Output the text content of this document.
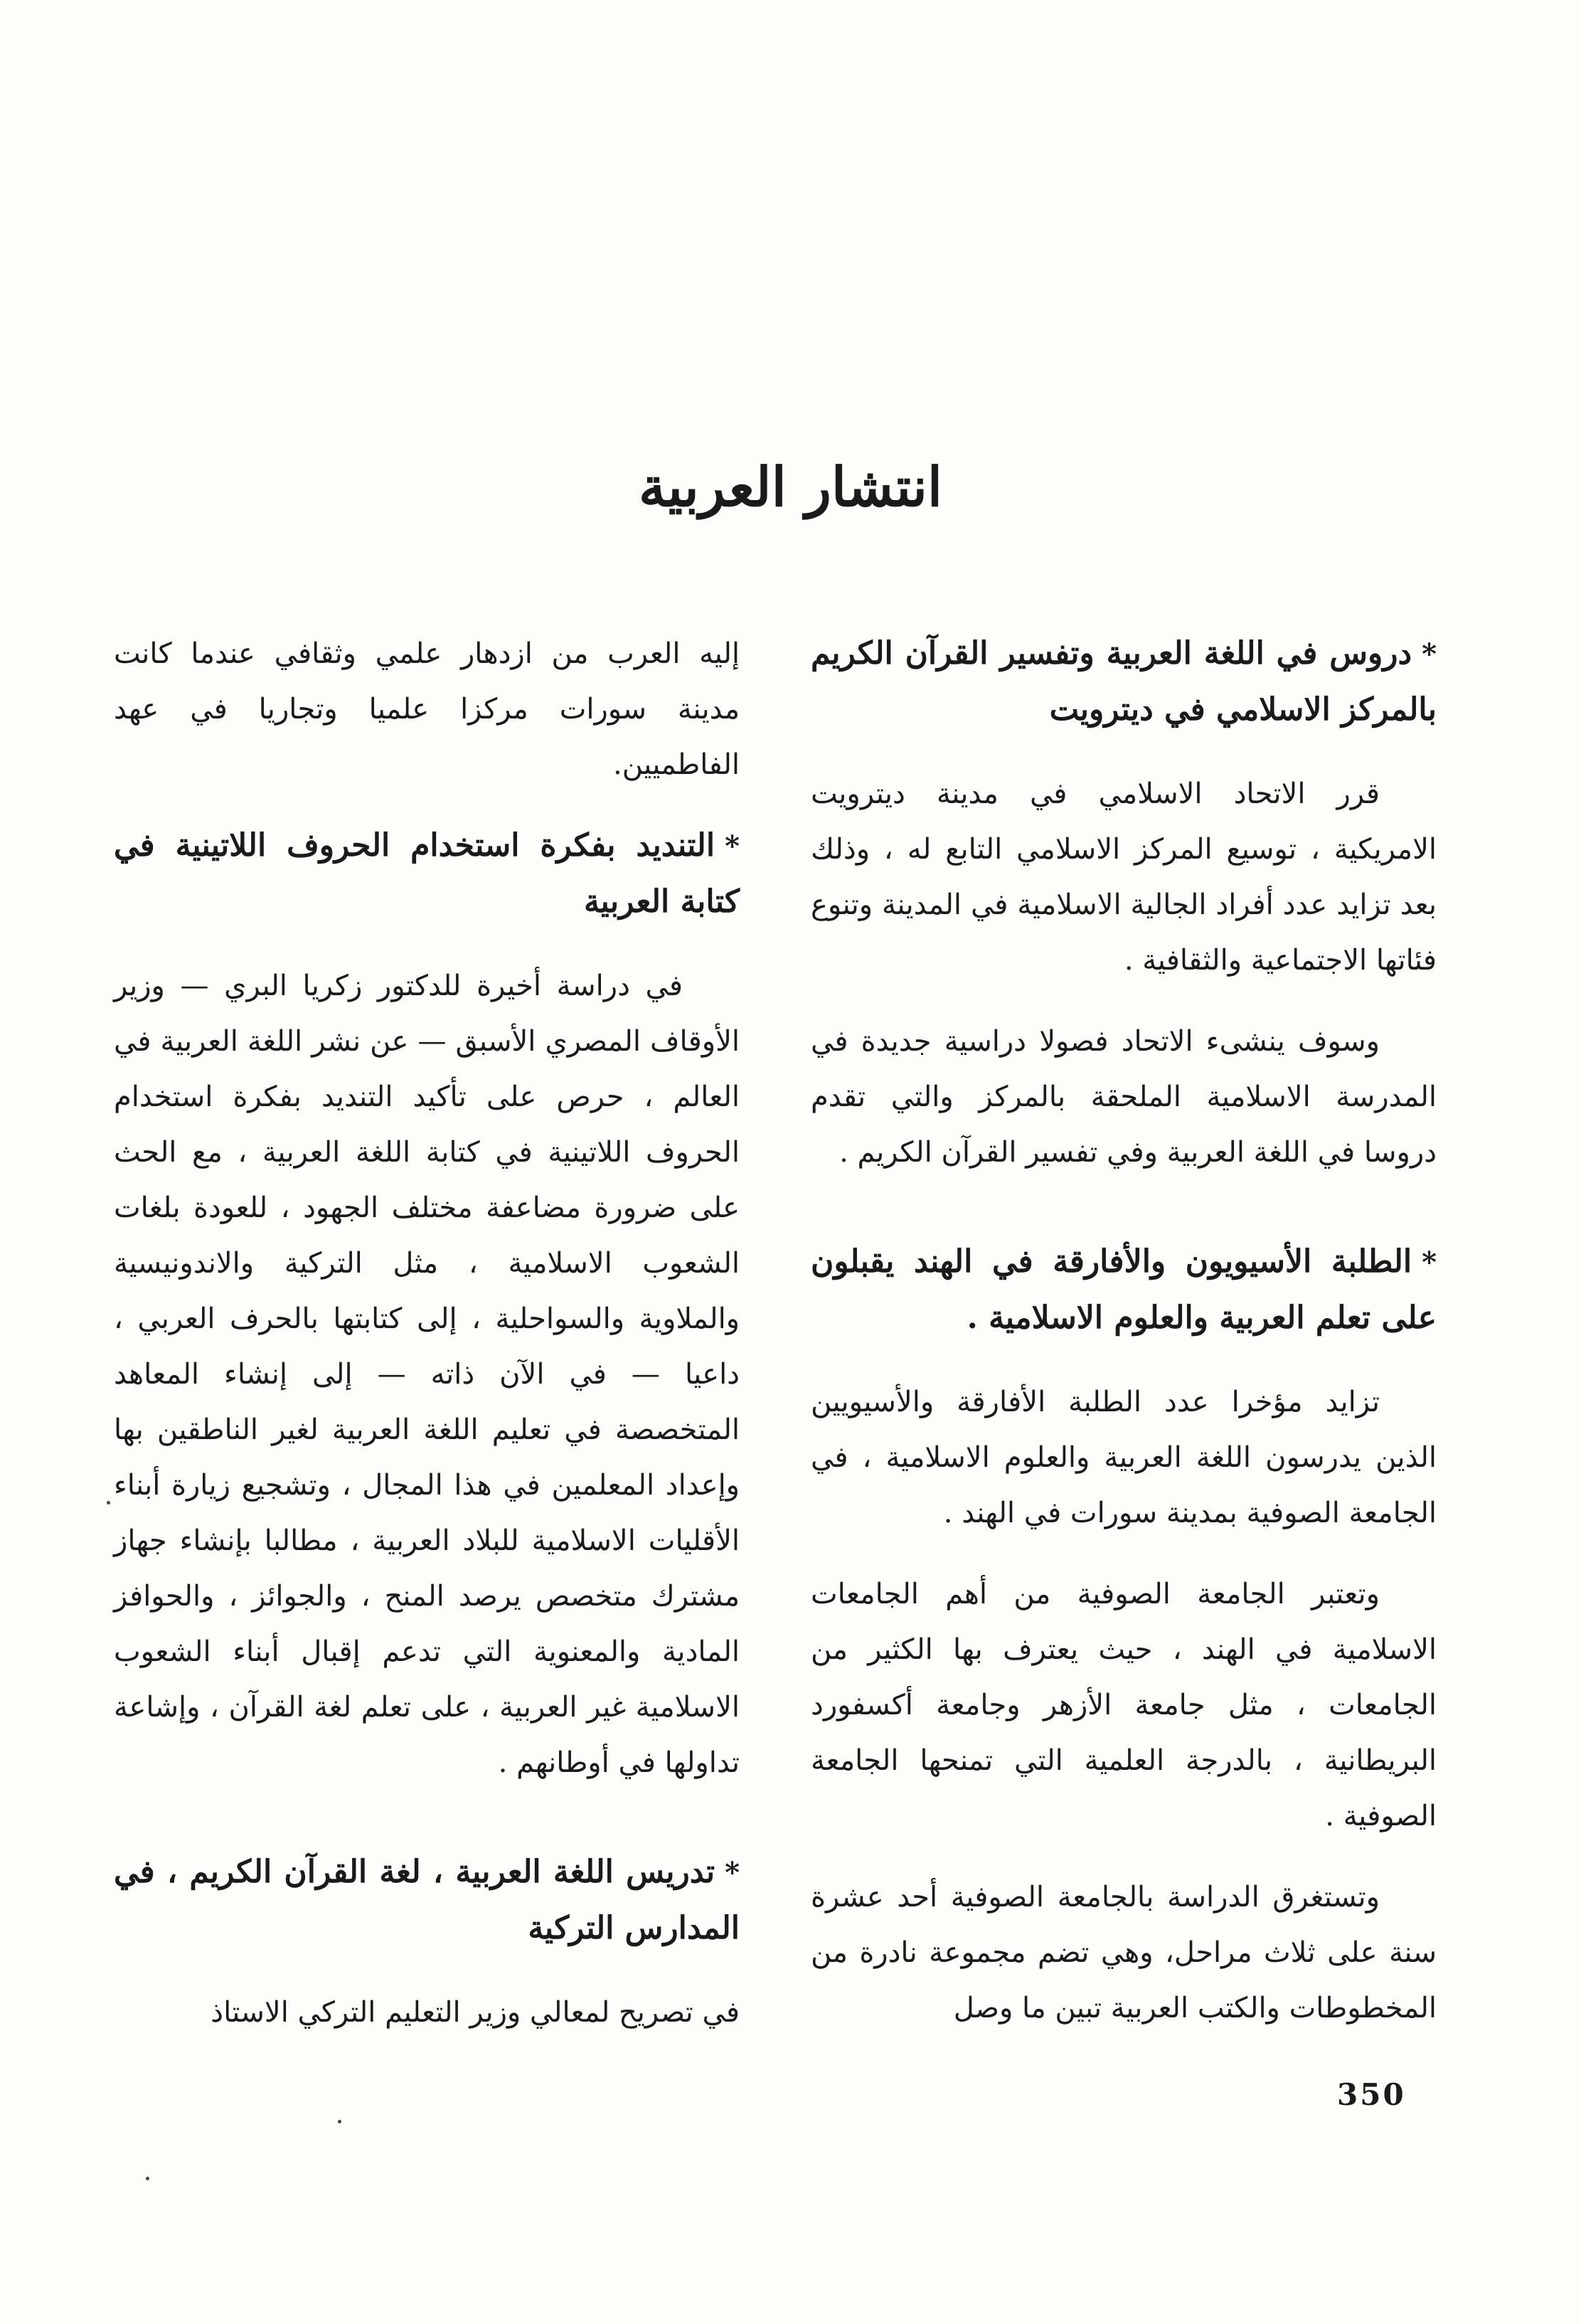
انتشار العربية

*دروس في اللغة العربية وتفسير القرآن الكريم بالمركز الاسلامي في ديترويت

قرر الاتحاد الاسلامي في مدينة ديترويت الامريكية ، توسيع المركز الاسلامي التابع له ، وذلك بعد تزايد عدد أفراد الجالية الاسلامية في المدينة وتنوع فئاتها الاجتماعية والثقافية .

وسوف ينشىء الاتحاد فصولا دراسية جديدة في المدرسة الاسلامية الملحقة بالمركز والتي تقدم دروسا في اللغة العربية وفي تفسير القرآن الكريم .

*الطلبة الأسيويون والأفارقة في الهند يقبلون على تعلم العربية والعلوم الاسلامية .

تزايد مؤخرا عدد الطلبة الأفارقة والأسيويين الذين يدرسون اللغة العربية والعلوم الاسلامية ، في الجامعة الصوفية بمدينة سورات في الهند .

وتعتبر الجامعة الصوفية من أهم الجامعات الاسلامية في الهند ، حيث يعترف بها الكثير من الجامعات ، مثل جامعة الأزهر وجامعة أكسفورد البريطانية ، بالدرجة العلمية التي تمنحها الجامعة الصوفية .

وتستغرق الدراسة بالجامعة الصوفية أحد عشرة سنة على ثلاث مراحل، وهي تضم مجموعة نادرة من المخطوطات والكتب العربية تبين ما وصل

إليه العرب من ازدهار علمي وثقافي عندما كانت مدينة سورات مركزا علميا وتجاريا في عهد الفاطميين.

*التنديد بفكرة استخدام الحروف اللاتينية في كتابة العربية

في دراسة أخيرة للدكتور زكريا البري — وزير الأوقاف المصري الأسبق — عن نشر اللغة العربية في العالم ، حرص على تأكيد التنديد بفكرة استخدام الحروف اللاتينية في كتابة اللغة العربية ، مع الحث على ضرورة مضاعفة مختلف الجهود ، للعودة بلغات الشعوب الاسلامية ، مثل التركية والاندونيسية والملاوية والسواحلية ، إلى كتابتها بالحرف العربي ، داعيا — في الآن ذاته — إلى إنشاء المعاهد المتخصصة في تعليم اللغة العربية لغير الناطقين بها وإعداد المعلمين في هذا المجال ، وتشجيع زيارة أبناء الأقليات الاسلامية للبلاد العربية ، مطالبا بإنشاء جهاز مشترك متخصص يرصد المنح ، والجوائز ، والحوافز المادية والمعنوية التي تدعم إقبال أبناء الشعوب الاسلامية غير العربية ، على تعلم لغة القرآن ، وإشاعة تداولها في أوطانهم .

*تدريس اللغة العربية ، لغة القرآن الكريم ، في المدارس التركية

في تصريح لمعالي وزير التعليم التركي الاستاذ

350
